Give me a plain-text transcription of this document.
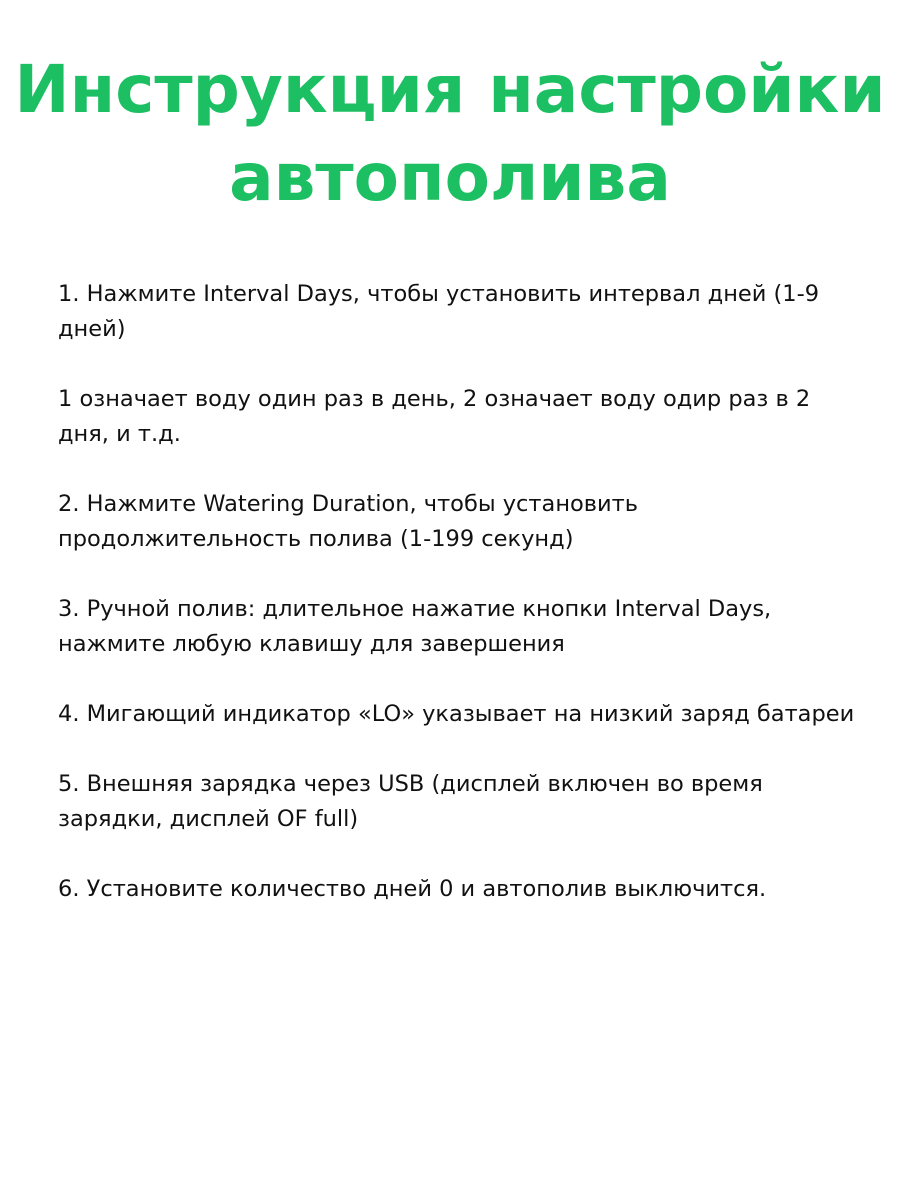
Инструкция настройки
автополива

1. Нажмите Interval Days, чтобы установить интервал дней (1-9 дней)

1 означает воду один раз в день, 2 означает воду одир раз в 2 дня, и т.д.

2. Нажмите Watering Duration, чтобы установить продолжительность полива (1-199 секунд)

3. Ручной полив: длительное нажатие кнопки Interval Days, нажмите любую клавишу для завершения

4. Мигающий индикатор «LO» указывает на низкий заряд батареи

5. Внешняя зарядка через USB (дисплей включен во время зарядки, дисплей OF full)

6. Установите количество дней 0 и автополив выключится.
